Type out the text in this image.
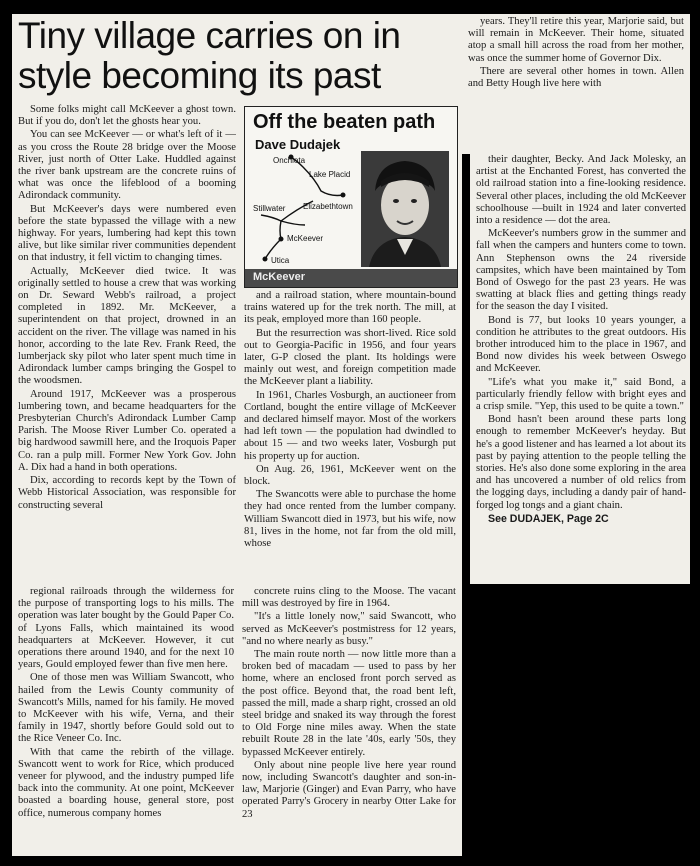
Tiny village carries on in style becoming its past

Some folks might call McKeever a ghost town. But if you do, don't let the ghosts hear you.

You can see McKeever — or what's left of it — as you cross the Route 28 bridge over the Moose River, just north of Otter Lake. Huddled against the river bank upstream are the concrete ruins of what was once the lifeblood of a booming Adirondack community.

But McKeever's days were numbered even before the state bypassed the village with a new highway. For years, lumbering had kept this town alive, but like similar river communities dependent on that industry, it fell victim to changing times.

Actually, McKeever died twice. It was originally settled to house a crew that was working on Dr. Seward Webb's railroad, a project completed in 1892. Mr. McKeever, a superintendent on that project, drowned in an accident on the river. The village was named in his honor, according to the late Rev. Frank Reed, the lumberjack sky pilot who later spent much time in Adirondack lumber camps bringing the Gospel to the woodsmen.

Around 1917, McKeever was a prosperous lumbering town, and became headquarters for the Presbyterian Church's Adirondack Lumber Camp Parish. The Moose River Lumber Co. operated a big hardwood sawmill here, and the Iroquois Paper Co. ran a pulp mill. Former New York Gov. John A. Dix had a hand in both operations.

Dix, according to records kept by the Town of Webb Historical Association, was responsible for constructing several

Off the beaten path
Dave Dudajek
Onchiota
Lake Placid
Stillwater Elizabethtown
McKeever
Utica
McKeever

and a railroad station, where mountain-bound trains watered up for the trek north. The mill, at its peak, employed more than 160 people.

But the resurrection was short-lived. Rice sold out to Georgia-Pacific in 1956, and four years later, G-P closed the plant. Its holdings were mainly out west, and foreign competition made the McKeever plant a liability.

In 1961, Charles Vosburgh, an auctioneer from Cortland, bought the entire village of McKeever and declared himself mayor. Most of the workers had left town — the population had dwindled to about 15 — and two weeks later, Vosburgh put his property up for auction.

On Aug. 26, 1961, McKeever went on the block.

The Swancotts were able to purchase the home they had once rented from the lumber company. William Swancott died in 1973, but his wife, now 81, lives in the home, not far from the old mill, whose

years. They'll retire this year, Marjorie said, but will remain in McKeever. Their home, situated atop a small hill across the road from her mother, was once the summer home of Governor Dix.

There are several other homes in town. Allen and Betty Hough live here with

their daughter, Becky. And Jack Molesky, an artist at the Enchanted Forest, has converted the old railroad station into a fine-looking residence. Several other places, including the old McKeever schoolhouse —built in 1924 and later converted into a residence — dot the area.

McKeever's numbers grow in the summer and fall when the campers and hunters come to town. Ann Stephenson owns the 24 riverside campsites, which have been maintained by Tom Bond of Oswego for the past 23 years. He was swatting at black flies and getting things ready for the season the day I visited.

Bond is 77, but looks 10 years younger, a condition he attributes to the great outdoors. His brother introduced him to the place in 1967, and Bond now divides his week between Oswego and McKeever.

"Life's what you make it," said Bond, a particularly friendly fellow with bright eyes and a crisp smile. "Yep, this used to be quite a town."

Bond hasn't been around these parts long enough to remember McKeever's heyday. But he's a good listener and has learned a lot about its past by paying attention to the people telling the stories. He's also done some exploring in the area and has uncovered a number of old relics from the logging days, including a dandy pair of hand-forged log tongs and a giant chain.

See DUDAJEK, Page 2C

regional railroads through the wilderness for the purpose of transporting logs to his mills. The operation was later bought by the Gould Paper Co. of Lyons Falls, which maintained its wood headquarters at McKeever. However, it cut operations there around 1940, and for the next 10 years, Gould employed fewer than five men here.

One of those men was William Swancott, who hailed from the Lewis County community of Swancott's Mills, named for his family. He moved to McKeever with his wife, Verna, and their family in 1947, shortly before Gould sold out to the Rice Veneer Co. Inc.

With that came the rebirth of the village. Swancott went to work for Rice, which produced veneer for plywood, and the industry pumped life back into the community. At one point, McKeever boasted a boarding house, general store, post office, numerous company homes

concrete ruins cling to the Moose. The vacant mill was destroyed by fire in 1964.

"It's a little lonely now," said Swancott, who served as McKeever's postmistress for 12 years, "and no where nearly as busy."

The main route north — now little more than a broken bed of macadam — used to pass by her home, where an enclosed front porch served as the post office. Beyond that, the road bent left, passed the mill, made a sharp right, crossed an old steel bridge and snaked its way through the forest to Old Forge nine miles away. When the state rebuilt Route 28 in the late '40s, early '50s, they bypassed McKeever entirely.

Only about nine people live here year round now, including Swancott's daughter and son-in-law, Marjorie (Ginger) and Evan Parry, who have operated Parry's Grocery in nearby Otter Lake for 23
